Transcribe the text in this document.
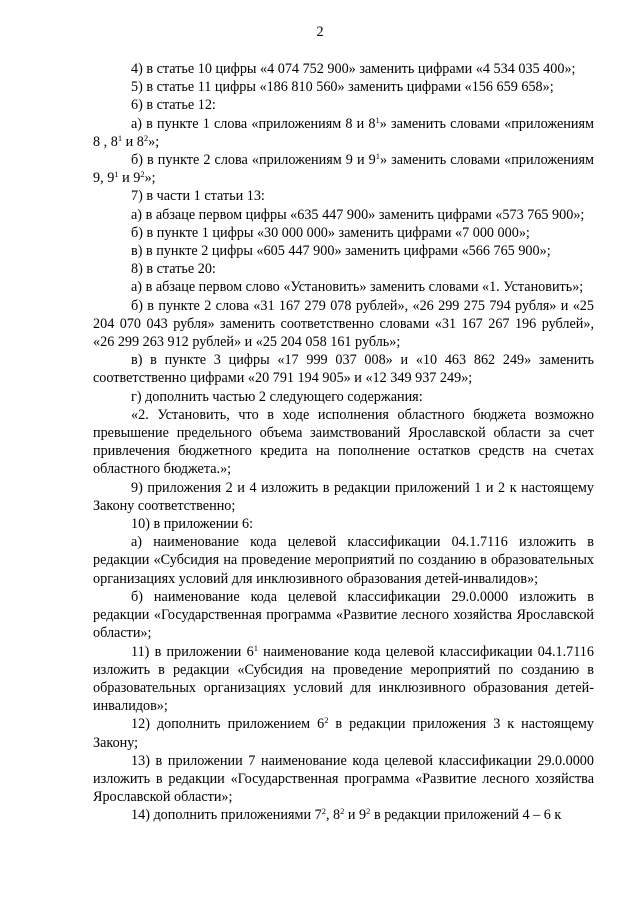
2

4) в статье 10 цифры «4 074 752 900» заменить цифрами «4 534 035 400»;

5) в статье 11 цифры «186 810 560» заменить цифрами «156 659 658»;

6) в статье 12:

а) в пункте 1 слова «приложениям 8 и $8^1$» заменить словами «приложениям 8 , $8^1$ и $8^2$»;

б) в пункте 2 слова «приложениям 9 и $9^1$» заменить словами «приложениям 9, $9^1$ и $9^2$»;

7) в части 1 статьи 13:

а) в абзаце первом цифры «635 447 900» заменить цифрами «573 765 900»;

б) в пункте 1 цифры «30 000 000» заменить цифрами «7 000 000»;

в) в пункте 2 цифры «605 447 900» заменить цифрами «566 765 900»;

8) в статье 20:

а) в абзаце первом слово «Установить» заменить словами «1. Установить»;

б) в пункте 2 слова «31 167 279 078 рублей», «26 299 275 794 рубля» и «25 204 070 043 рубля» заменить соответственно словами «31 167 267 196 рублей», «26 299 263 912 рублей» и «25 204 058 161 рубль»;

в) в пункте 3 цифры «17 999 037 008» и «10 463 862 249» заменить соответственно цифрами «20 791 194 905» и «12 349 937 249»;

г) дополнить частью 2 следующего содержания:

«2. Установить, что в ходе исполнения областного бюджета возможно превышение предельного объема заимствований Ярославской области за счет привлечения бюджетного кредита на пополнение остатков средств на счетах областного бюджета.»;

9) приложения 2 и 4 изложить в редакции приложений 1 и 2 к настоящему Закону соответственно;

10) в приложении 6:

а) наименование кода целевой классификации 04.1.7116 изложить в редакции «Субсидия на проведение мероприятий по созданию в образовательных организациях условий для инклюзивного образования детей-инвалидов»;

б) наименование кода целевой классификации 29.0.0000 изложить в редакции «Государственная программа «Развитие лесного хозяйства Ярославской области»;

11) в приложении $6^1$ наименование кода целевой классификации 04.1.7116 изложить в редакции «Субсидия на проведение мероприятий по созданию в образовательных организациях условий для инклюзивного образования детей-инвалидов»;

12) дополнить приложением $6^2$ в редакции приложения 3 к настоящему Закону;

13) в приложении 7 наименование кода целевой классификации 29.0.0000 изложить в редакции «Государственная программа «Развитие лесного хозяйства Ярославской области»;

14) дополнить приложениями $7^2$, $8^2$ и $9^2$ в редакции приложений 4 – 6 к
